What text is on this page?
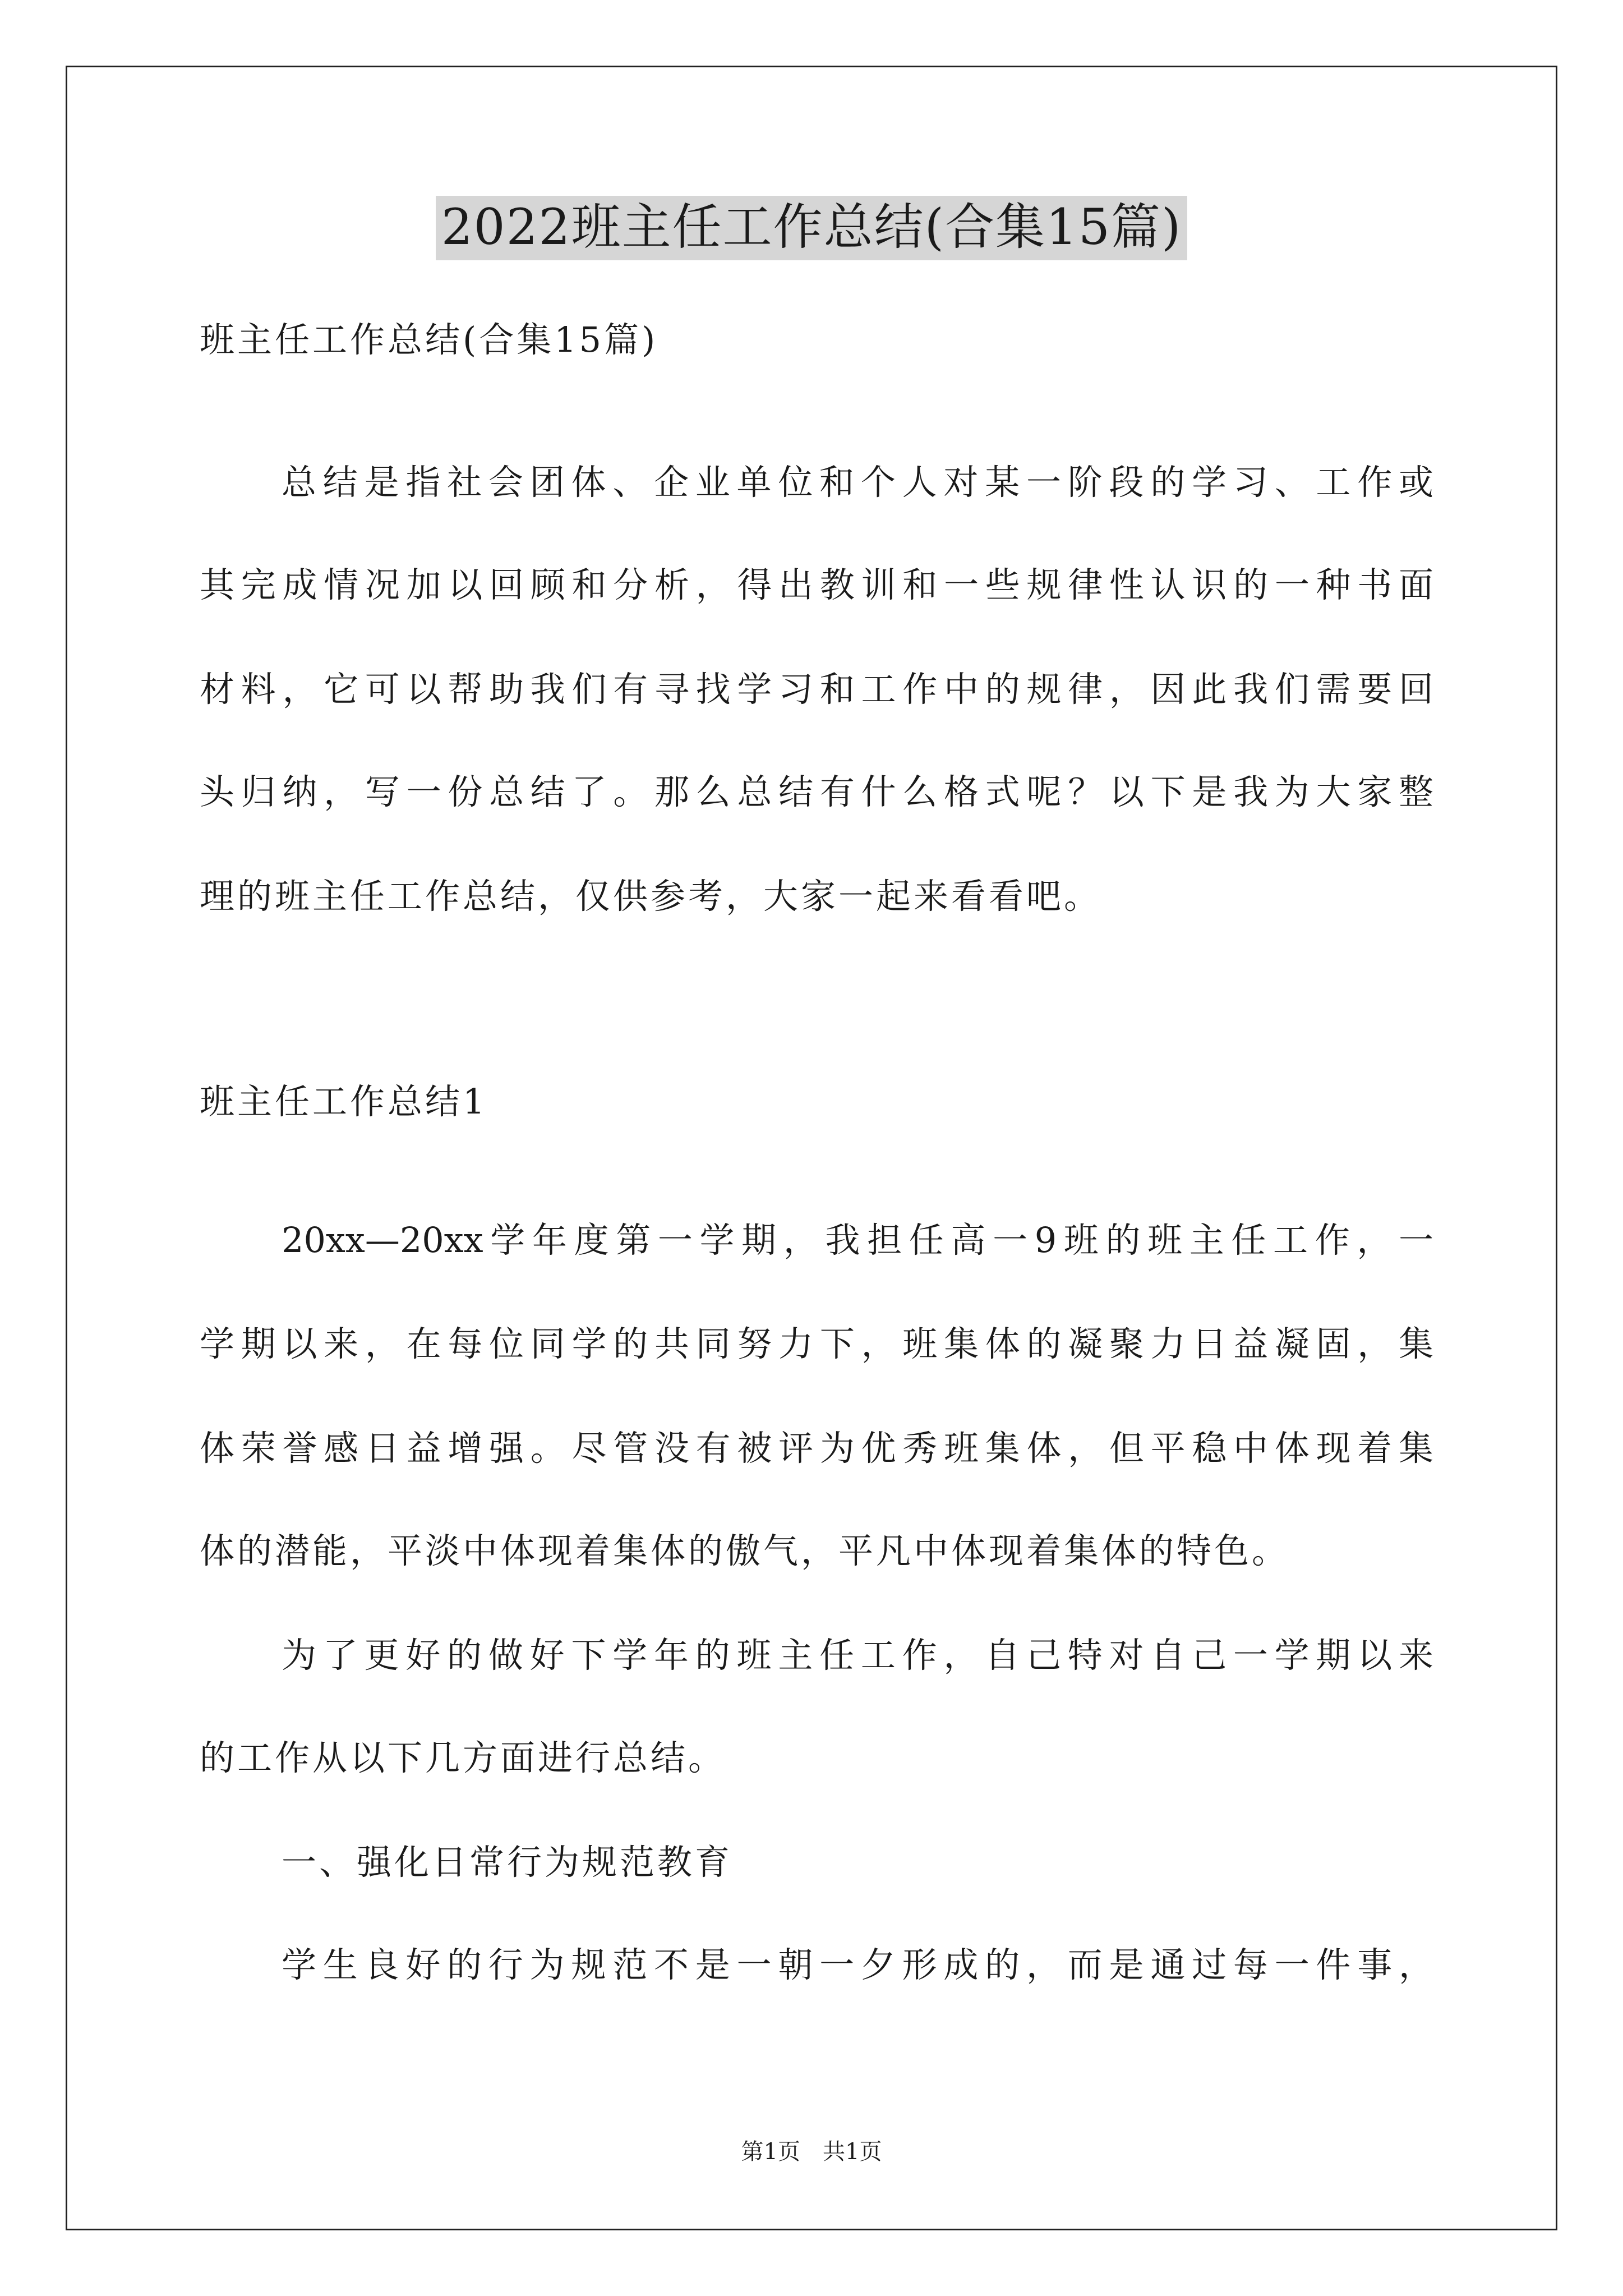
2022班主任工作总结(合集15篇)
班主任工作总结(合集15篇)
总结是指社会团体、企业单位和个人对某一阶段的学习、工作或
其完成情况加以回顾和分析，得出教训和一些规律性认识的一种书面
材料，它可以帮助我们有寻找学习和工作中的规律，因此我们需要回
头归纳，写一份总结了。那么总结有什么格式呢？以下是我为大家整
理的班主任工作总结，仅供参考，大家一起来看看吧。
班主任工作总结1
20xx—20xx学年度第一学期，我担任高一9班的班主任工作，一
学期以来，在每位同学的共同努力下，班集体的凝聚力日益凝固，集
体荣誉感日益增强。尽管没有被评为优秀班集体，但平稳中体现着集
体的潜能，平淡中体现着集体的傲气，平凡中体现着集体的特色。
为了更好的做好下学年的班主任工作，自己特对自己一学期以来
的工作从以下几方面进行总结。
一、强化日常行为规范教育
学生良好的行为规范不是一朝一夕形成的，而是通过每一件事，
第1页 共1页
